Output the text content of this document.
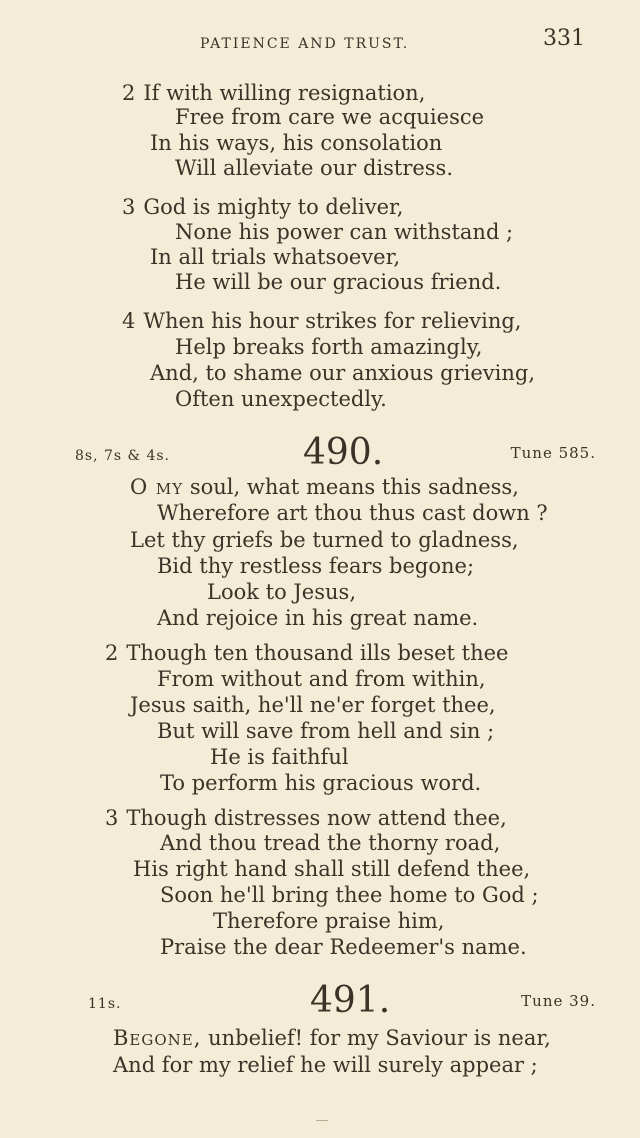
PATIENCE AND TRUST.	331
2 If with willing resignation,
Free from care we acquiesce
In his ways, his consolation
Will alleviate our distress.
3 God is mighty to deliver,
None his power can withstand ;
In all trials whatsoever,
He will be our gracious friend.
4 When his hour strikes for relieving,
Help breaks forth amazingly,
And, to shame our anxious grieving,
Often unexpectedly.
8s, 7s & 4s.	490.	Tune 585.
O my soul, what means this sadness,
Wherefore art thou thus cast down ?
Let thy griefs be turned to gladness,
Bid thy restless fears begone;
Look to Jesus,
And rejoice in his great name.
2 Though ten thousand ills beset thee
From without and from within,
Jesus saith, he'll ne'er forget thee,
But will save from hell and sin ;
He is faithful
To perform his gracious word.
3 Though distresses now attend thee,
And thou tread the thorny road,
His right hand shall still defend thee,
Soon he'll bring thee home to God ;
Therefore praise him,
Praise the dear Redeemer's name.
11s.	491.	Tune 39.
Begone, unbelief! for my Saviour is near,
And for my relief he will surely appear ;
